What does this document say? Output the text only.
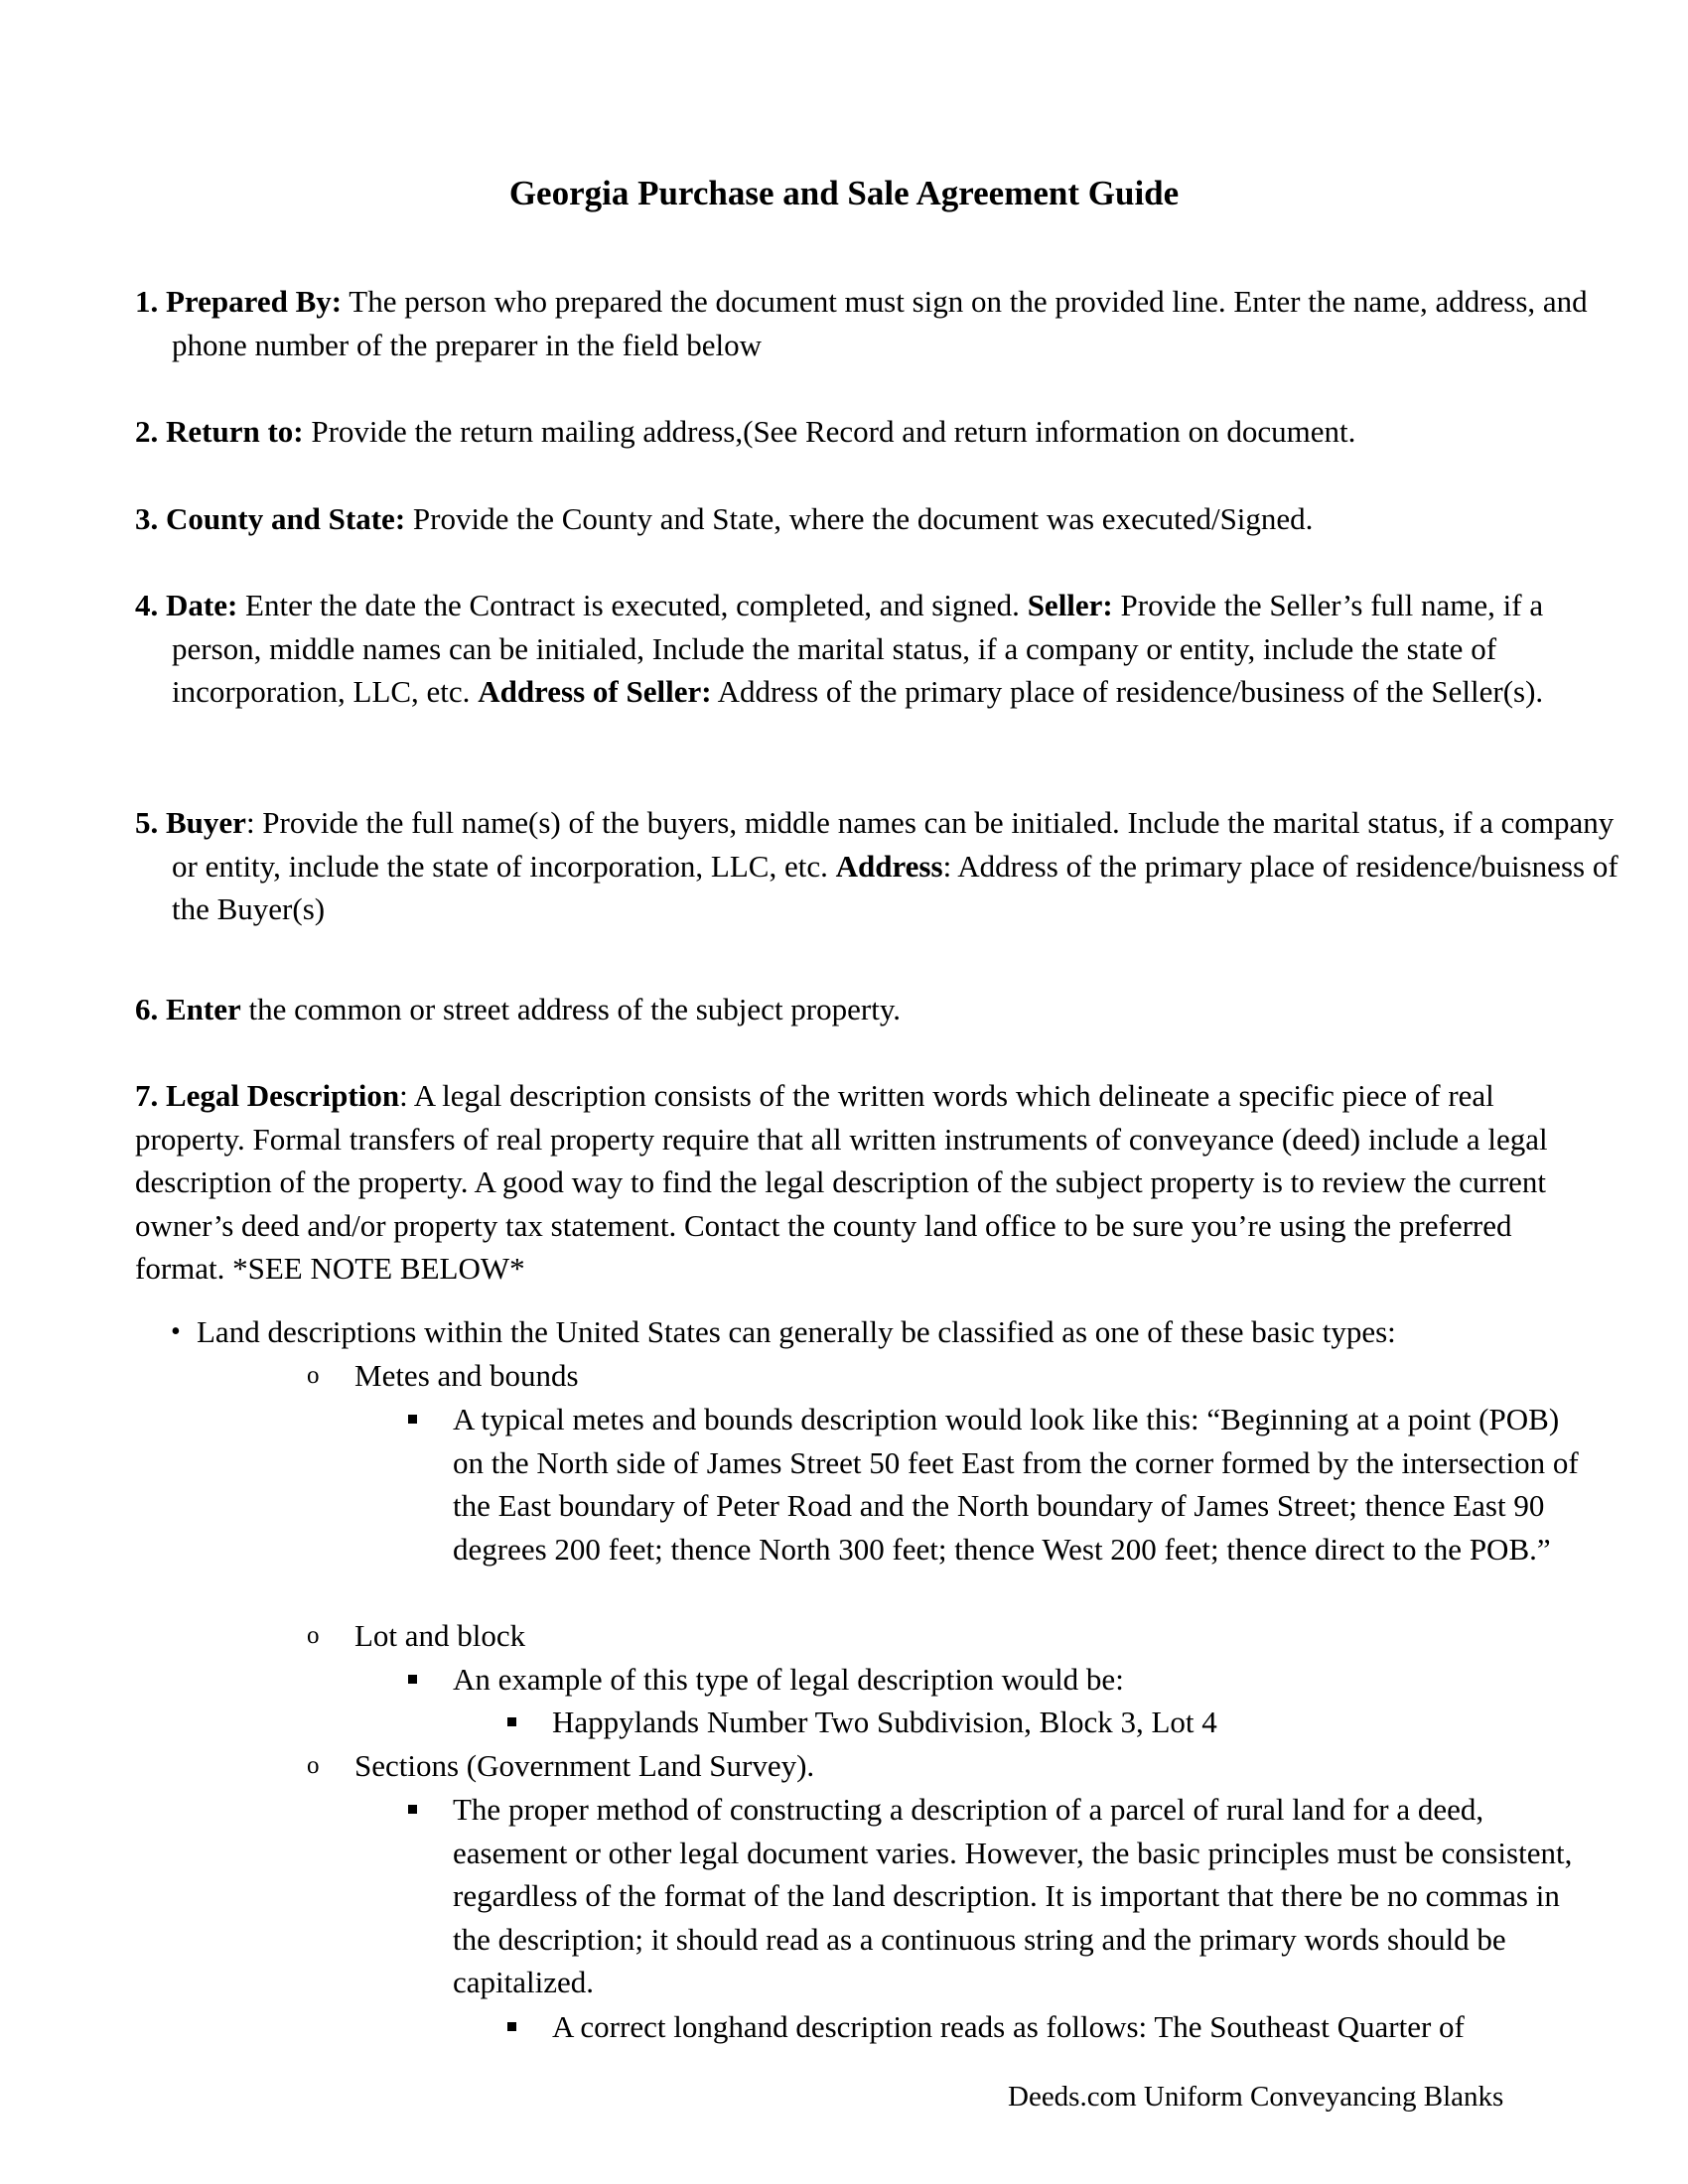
Georgia Purchase and Sale Agreement Guide
1. Prepared By: The person who prepared the document must sign on the provided line. Enter the name, address, and phone number of the preparer in the field below
2. Return to: Provide the return mailing address,(See Record and return information on document.
3. County and State: Provide the County and State, where the document was executed/Signed.
4. Date: Enter the date the Contract is executed, completed, and signed. Seller: Provide the Seller’s full name, if a person, middle names can be initialed, Include the marital status, if a company or entity, include the state of incorporation, LLC, etc. Address of Seller: Address of the primary place of residence/business of the Seller(s).
5. Buyer: Provide the full name(s) of the buyers, middle names can be initialed. Include the marital status, if a company or entity, include the state of incorporation, LLC, etc. Address: Address of the primary place of residence/buisness of the Buyer(s)
6. Enter the common or street address of the subject property.
7. Legal Description: A legal description consists of the written words which delineate a specific piece of real property. Formal transfers of real property require that all written instruments of conveyance (deed) include a legal description of the property. A good way to find the legal description of the subject property is to review the current owner’s deed and/or property tax statement. Contact the county land office to be sure you’re using the preferred format. *SEE NOTE BELOW*
• Land descriptions within the United States can generally be classified as one of these basic types:
o Metes and bounds
A typical metes and bounds description would look like this: “Beginning at a point (POB) on the North side of James Street 50 feet East from the corner formed by the intersection of the East boundary of Peter Road and the North boundary of James Street; thence East 90 degrees 200 feet; thence North 300 feet; thence West 200 feet; thence direct to the POB.”
o Lot and block
An example of this type of legal description would be:
Happylands Number Two Subdivision, Block 3, Lot 4
o Sections (Government Land Survey).
The proper method of constructing a description of a parcel of rural land for a deed, easement or other legal document varies. However, the basic principles must be consistent, regardless of the format of the land description. It is important that there be no commas in the description; it should read as a continuous string and the primary words should be capitalized.
A correct longhand description reads as follows: The Southeast Quarter of
Deeds.com Uniform Conveyancing Blanks
